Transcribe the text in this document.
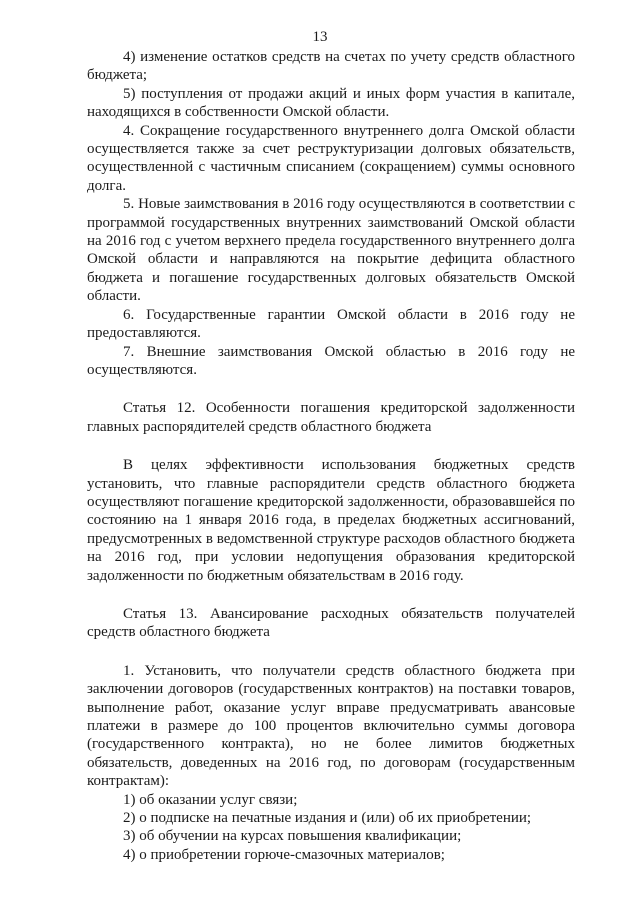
13

4) изменение остатков средств на счетах по учету средств областного бюджета;

5) поступления от продажи акций и иных форм участия в капитале, находящихся в собственности Омской области.

4. Сокращение государственного внутреннего долга Омской области осуществляется также за счет реструктуризации долговых обязательств, осуществленной с частичным списанием (сокращением) суммы основного долга.

5. Новые заимствования в 2016 году осуществляются в соответствии с программой государственных внутренних заимствований Омской области на 2016 год с учетом верхнего предела государственного внутреннего долга Омской области и направляются на покрытие дефицита областного бюджета и погашение государственных долговых обязательств Омской области.

6. Государственные гарантии Омской области в 2016 году не предоставляются.

7. Внешние заимствования Омской областью в 2016 году не осуществляются.

Статья 12. Особенности погашения кредиторской задолженности главных распорядителей средств областного бюджета

В целях эффективности использования бюджетных средств установить, что главные распорядители средств областного бюджета осуществляют погашение кредиторской задолженности, образовавшейся по состоянию на 1 января 2016 года, в пределах бюджетных ассигнований, предусмотренных в ведомственной структуре расходов областного бюджета на 2016 год, при условии недопущения образования кредиторской задолженности по бюджетным обязательствам в 2016 году.

Статья 13. Авансирование расходных обязательств получателей средств областного бюджета

1. Установить, что получатели средств областного бюджета при заключении договоров (государственных контрактов) на поставки товаров, выполнение работ, оказание услуг вправе предусматривать авансовые платежи в размере до 100 процентов включительно суммы договора (государственного контракта), но не более лимитов бюджетных обязательств, доведенных на 2016 год, по договорам (государственным контрактам):

1) об оказании услуг связи;

2) о подписке на печатные издания и (или) об их приобретении;

3) об обучении на курсах повышения квалификации;

4) о приобретении горюче-смазочных материалов;
